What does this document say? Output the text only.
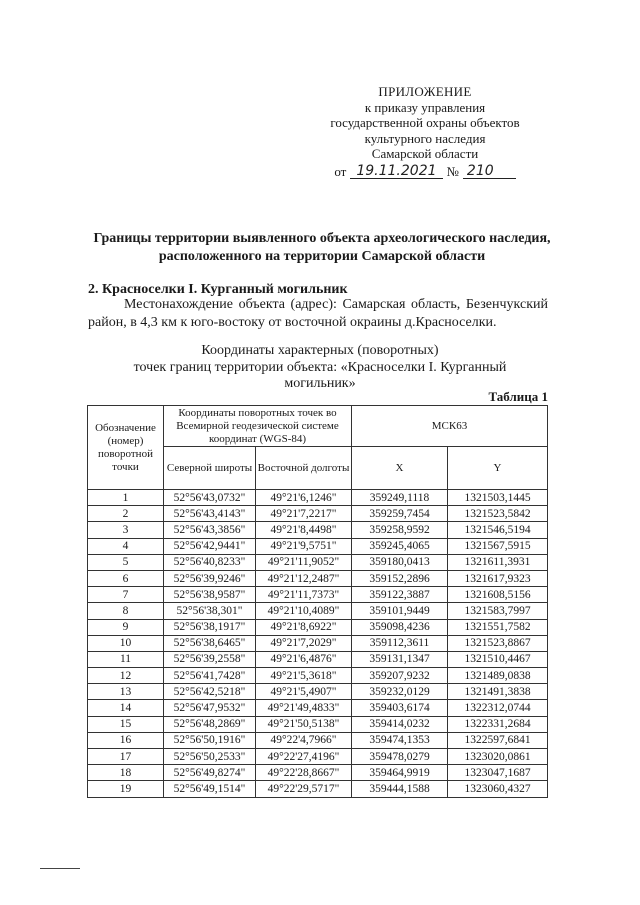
ПРИЛОЖЕНИЕ
к приказу управления
государственной охраны объектов
культурного наследия
Самарской области
от 19.11.2021 № 210
Границы территории выявленного объекта археологического наследия,
расположенного на территории Самарской области

2. Красноселки I. Курганный могильник

Местонахождение объекта (адрес): Самарская область, Безенчукский район, в 4,3 км к юго-востоку от восточной окраины д.Красноселки.

Координаты характерных (поворотных)
точек границ территории объекта: «Красноселки I. Курганный
могильник»

Таблица 1

Обозначение (номер) поворотной точки	Координаты поворотных точек во Всемирной геодезической системе координат (WGS-84)		МСК63	
	Северной широты	Восточной долготы	X	Y
1	52°56'43,0732"	49°21'6,1246"	359249,1118	1321503,1445
2	52°56'43,4143"	49°21'7,2217"	359259,7454	1321523,5842
3	52°56'43,3856"	49°21'8,4498"	359258,9592	1321546,5194
4	52°56'42,9441"	49°21'9,5751"	359245,4065	1321567,5915
5	52°56'40,8233"	49°21'11,9052"	359180,0413	1321611,3931
6	52°56'39,9246"	49°21'12,2487"	359152,2896	1321617,9323
7	52°56'38,9587"	49°21'11,7373"	359122,3887	1321608,5156
8	52°56'38,301"	49°21'10,4089"	359101,9449	1321583,7997
9	52°56'38,1917"	49°21'8,6922"	359098,4236	1321551,7582
10	52°56'38,6465"	49°21'7,2029"	359112,3611	1321523,8867
11	52°56'39,2558"	49°21'6,4876"	359131,1347	1321510,4467
12	52°56'41,7428"	49°21'5,3618"	359207,9232	1321489,0838
13	52°56'42,5218"	49°21'5,4907"	359232,0129	1321491,3838
14	52°56'47,9532"	49°21'49,4833"	359403,6174	1322312,0744
15	52°56'48,2869"	49°21'50,5138"	359414,0232	1322331,2684
16	52°56'50,1916"	49°22'4,7966"	359474,1353	1322597,6841
17	52°56'50,2533"	49°22'27,4196"	359478,0279	1323020,0861
18	52°56'49,8274"	49°22'28,8667"	359464,9919	1323047,1687
19	52°56'49,1514"	49°22'29,5717"	359444,1588	1323060,4327
